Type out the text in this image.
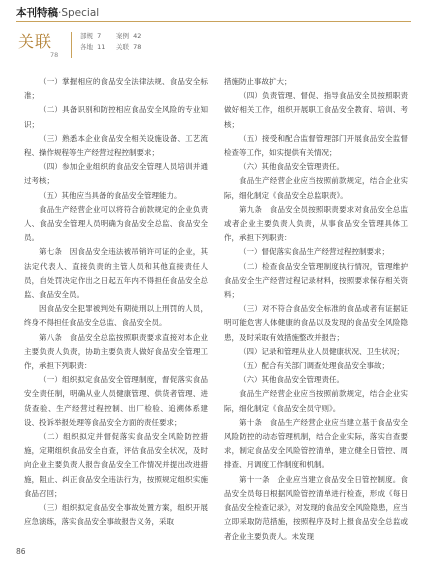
本刊特稿·Special
关联
78
部规 7
各地 11
案例 42
关联 78

（一）掌握相应的食品安全法律法规、食品安全标准；

（二）具备识别和防控相应食品安全风险的专业知识；

（三）熟悉本企业食品安全相关设施设备、工艺流程、操作规程等生产经营过程控制要求；

（四）参加企业组织的食品安全管理人员培训并通过考核；

（五）其他应当具备的食品安全管理能力。

食品生产经营企业可以将符合前款规定的企业负责人、食品安全管理人员明确为食品安全总监、食品安全员。

第七条　因食品安全违法被吊销许可证的企业，其法定代表人、直接负责的主管人员和其他直接责任人员，自处罚决定作出之日起五年内不得担任食品安全总监、食品安全员。

因食品安全犯罪被判处有期徒刑以上刑罚的人员，终身不得担任食品安全总监、食品安全员。

第八条　食品安全总监按照职责要求直接对本企业主要负责人负责，协助主要负责人做好食品安全管理工作，承担下列职责：

（一）组织拟定食品安全管理制度，督促落实食品安全责任制，明确从业人员健康管理、供货者管理、进货查验、生产经营过程控制、出厂检验、追溯体系建设、投诉举报处理等食品安全方面的责任要求；

（二）组织拟定并督促落实食品安全风险防控措施，定期组织食品安全自查，评估食品安全状况，及时向企业主要负责人报告食品安全工作情况并提出改进措施，阻止、纠正食品安全违法行为，按照规定组织实施食品召回；

（三）组织拟定食品安全事故处置方案，组织开展应急演练，落实食品安全事故报告义务，采取

措施防止事故扩大；

（四）负责管理、督促、指导食品安全员按照职责做好相关工作，组织开展职工食品安全教育、培训、考核；

（五）接受和配合监督管理部门开展食品安全监督检查等工作，如实提供有关情况；

（六）其他食品安全管理责任。

食品生产经营企业应当按照前款规定，结合企业实际，细化制定《食品安全总监职责》。

第九条　食品安全员按照职责要求对食品安全总监或者企业主要负责人负责，从事食品安全管理具体工作，承担下列职责：

（一）督促落实食品生产经营过程控制要求；

（二）检查食品安全管理制度执行情况，管理维护食品安全生产经营过程记录材料，按照要求保存相关资料；

（三）对不符合食品安全标准的食品或者有证据证明可能危害人体健康的食品以及发现的食品安全风险隐患，及时采取有效措施整改并报告；

（四）记录和管理从业人员健康状况、卫生状况；

（五）配合有关部门调查处理食品安全事故；

（六）其他食品安全管理责任。

食品生产经营企业应当按照前款规定，结合企业实际，细化制定《食品安全员守则》。

第十条　食品生产经营企业应当建立基于食品安全风险防控的动态管理机制，结合企业实际，落实自查要求，制定食品安全风险管控清单，建立健全日管控、周排查、月调度工作制度和机制。

第十一条　企业应当建立食品安全日管控制度。食品安全员每日根据风险管控清单进行检查，形成《每日食品安全检查记录》，对发现的食品安全风险隐患，应当立即采取防范措施，按照程序及时上报食品安全总监或者企业主要负责人。未发现

86
